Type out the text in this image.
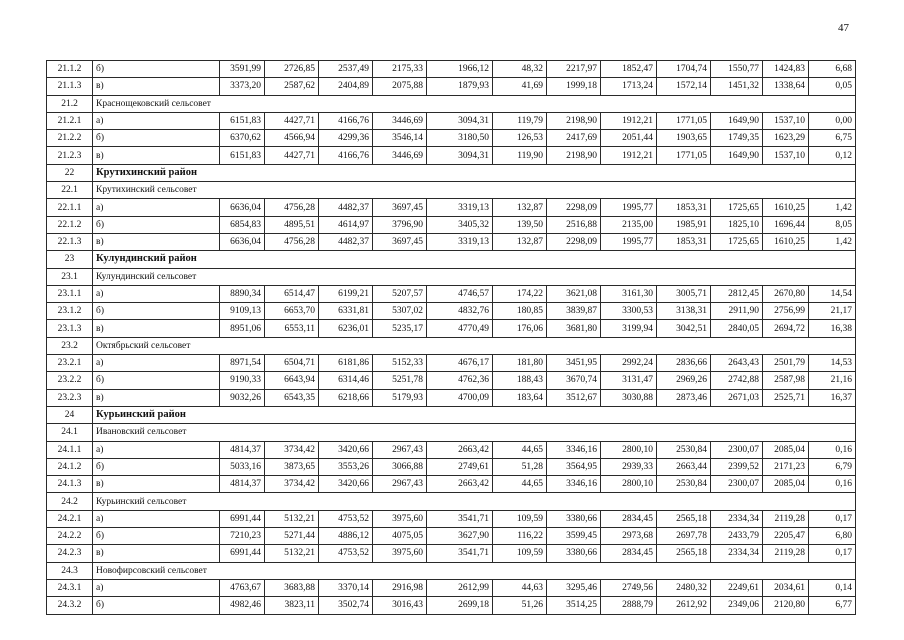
47
21.1.2	б)	3591,99	2726,85	2537,49	2175,33	1966,12	48,32	2217,97	1852,47	1704,74	1550,77	1424,83	6,68
21.1.3	в)	3373,20	2587,62	2404,89	2075,88	1879,93	41,69	1999,18	1713,24	1572,14	1451,32	1338,64	0,05
21.2	Краснощековский сельсовет												
21.2.1	а)	6151,83	4427,71	4166,76	3446,69	3094,31	119,79	2198,90	1912,21	1771,05	1649,90	1537,10	0,00
21.2.2	б)	6370,62	4566,94	4299,36	3546,14	3180,50	126,53	2417,69	2051,44	1903,65	1749,35	1623,29	6,75
21.2.3	в)	6151,83	4427,71	4166,76	3446,69	3094,31	119,90	2198,90	1912,21	1771,05	1649,90	1537,10	0,12
22	Крутихинский район												
22.1	Крутихинский сельсовет												
22.1.1	а)	6636,04	4756,28	4482,37	3697,45	3319,13	132,87	2298,09	1995,77	1853,31	1725,65	1610,25	1,42
22.1.2	б)	6854,83	4895,51	4614,97	3796,90	3405,32	139,50	2516,88	2135,00	1985,91	1825,10	1696,44	8,05
22.1.3	в)	6636,04	4756,28	4482,37	3697,45	3319,13	132,87	2298,09	1995,77	1853,31	1725,65	1610,25	1,42
23	Кулундинский район												
23.1	Кулундинский сельсовет												
23.1.1	а)	8890,34	6514,47	6199,21	5207,57	4746,57	174,22	3621,08	3161,30	3005,71	2812,45	2670,80	14,54
23.1.2	б)	9109,13	6653,70	6331,81	5307,02	4832,76	180,85	3839,87	3300,53	3138,31	2911,90	2756,99	21,17
23.1.3	в)	8951,06	6553,11	6236,01	5235,17	4770,49	176,06	3681,80	3199,94	3042,51	2840,05	2694,72	16,38
23.2	Октябрьский сельсовет												
23.2.1	а)	8971,54	6504,71	6181,86	5152,33	4676,17	181,80	3451,95	2992,24	2836,66	2643,43	2501,79	14,53
23.2.2	б)	9190,33	6643,94	6314,46	5251,78	4762,36	188,43	3670,74	3131,47	2969,26	2742,88	2587,98	21,16
23.2.3	в)	9032,26	6543,35	6218,66	5179,93	4700,09	183,64	3512,67	3030,88	2873,46	2671,03	2525,71	16,37
24	Курьинский район												
24.1	Ивановский сельсовет												
24.1.1	а)	4814,37	3734,42	3420,66	2967,43	2663,42	44,65	3346,16	2800,10	2530,84	2300,07	2085,04	0,16
24.1.2	б)	5033,16	3873,65	3553,26	3066,88	2749,61	51,28	3564,95	2939,33	2663,44	2399,52	2171,23	6,79
24.1.3	в)	4814,37	3734,42	3420,66	2967,43	2663,42	44,65	3346,16	2800,10	2530,84	2300,07	2085,04	0,16
24.2	Курьинский сельсовет												
24.2.1	а)	6991,44	5132,21	4753,52	3975,60	3541,71	109,59	3380,66	2834,45	2565,18	2334,34	2119,28	0,17
24.2.2	б)	7210,23	5271,44	4886,12	4075,05	3627,90	116,22	3599,45	2973,68	2697,78	2433,79	2205,47	6,80
24.2.3	в)	6991,44	5132,21	4753,52	3975,60	3541,71	109,59	3380,66	2834,45	2565,18	2334,34	2119,28	0,17
24.3	Новофирсовский сельсовет												
24.3.1	а)	4763,67	3683,88	3370,14	2916,98	2612,99	44,63	3295,46	2749,56	2480,32	2249,61	2034,61	0,14
24.3.2	б)	4982,46	3823,11	3502,74	3016,43	2699,18	51,26	3514,25	2888,79	2612,92	2349,06	2120,80	6,77
